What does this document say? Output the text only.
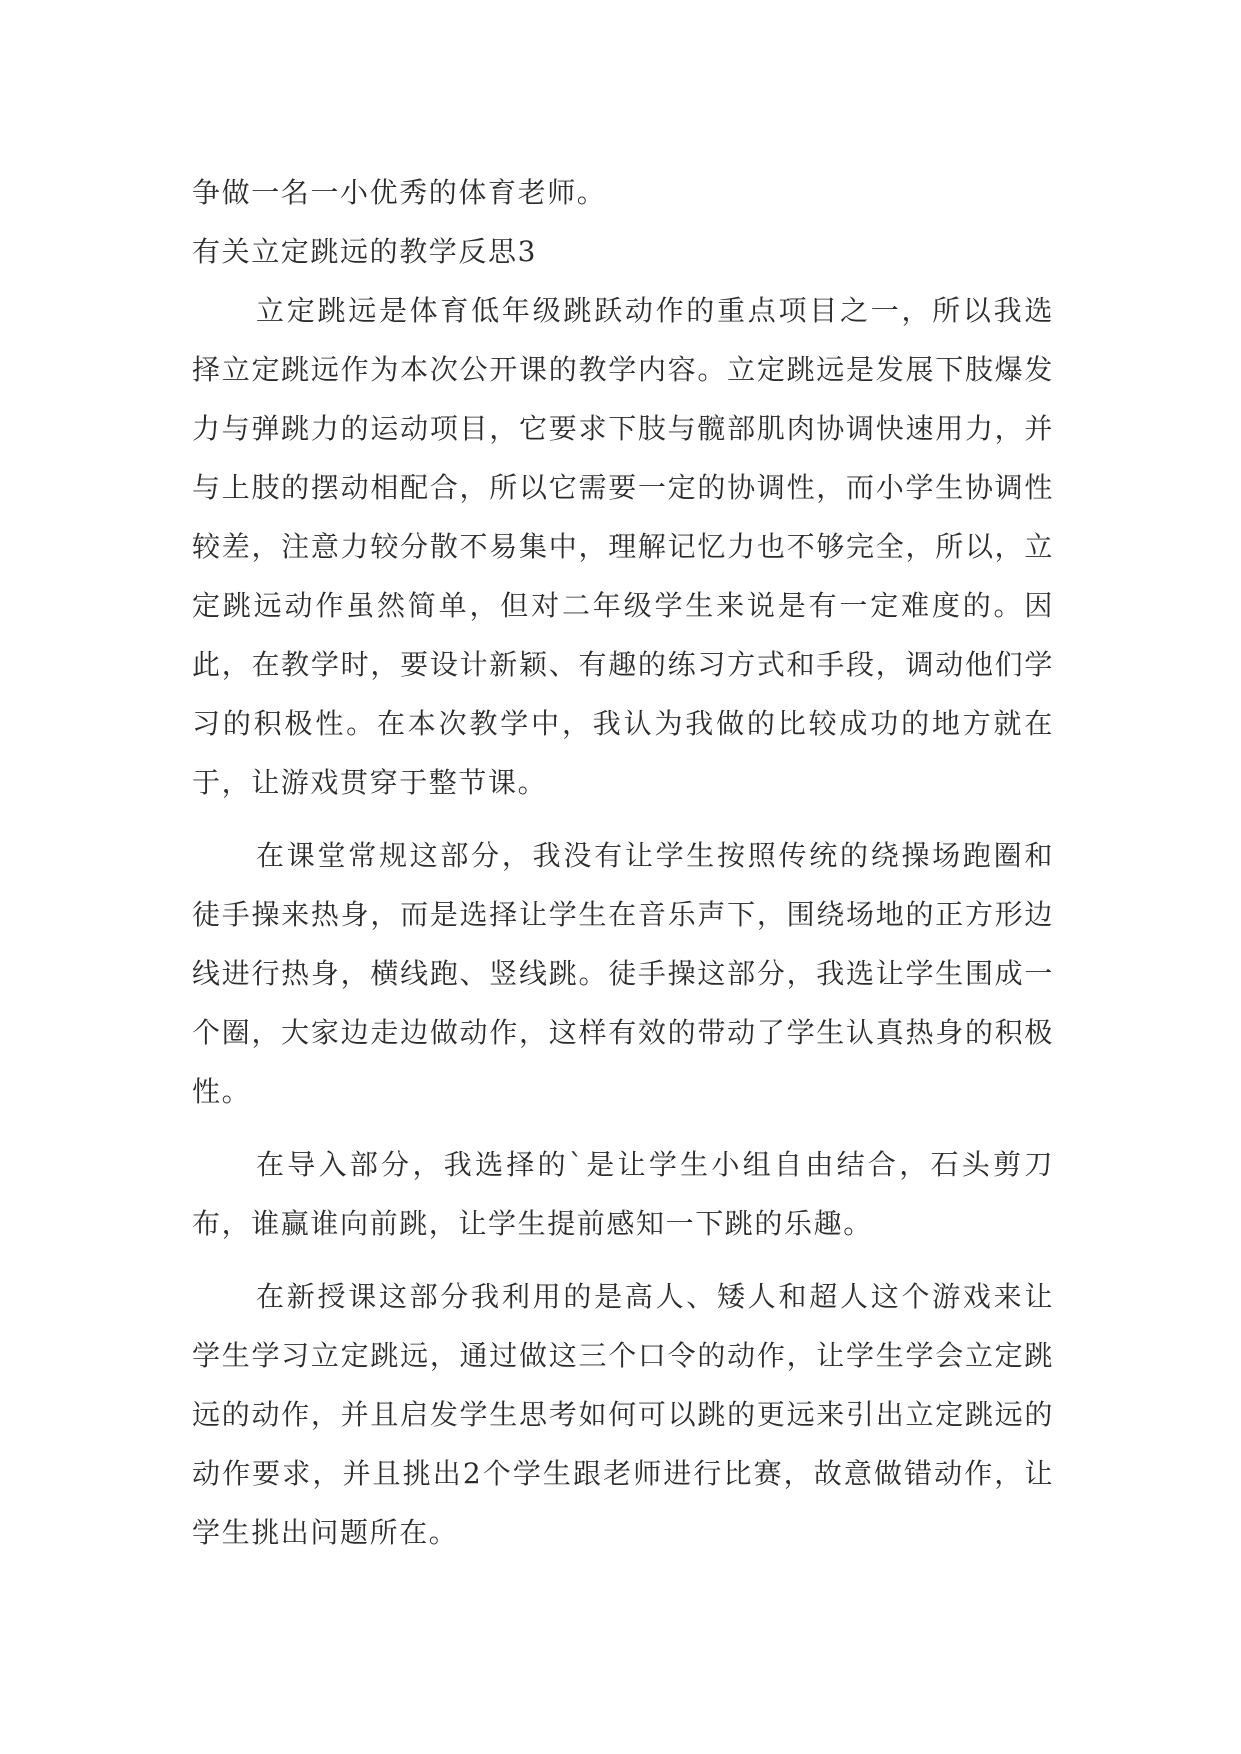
争做一名一小优秀的体育老师。

有关立定跳远的教学反思3

立定跳远是体育低年级跳跃动作的重点项目之一，所以我选择立定跳远作为本次公开课的教学内容。立定跳远是发展下肢爆发力与弹跳力的运动项目，它要求下肢与髋部肌肉协调快速用力，并与上肢的摆动相配合，所以它需要一定的协调性，而小学生协调性较差，注意力较分散不易集中，理解记忆力也不够完全，所以，立定跳远动作虽然简单，但对二年级学生来说是有一定难度的。因此，在教学时，要设计新颖、有趣的练习方式和手段，调动他们学习的积极性。在本次教学中，我认为我做的比较成功的地方就在于，让游戏贯穿于整节课。

在课堂常规这部分，我没有让学生按照传统的绕操场跑圈和徒手操来热身，而是选择让学生在音乐声下，围绕场地的正方形边线进行热身，横线跑、竖线跳。徒手操这部分，我选让学生围成一个圈，大家边走边做动作，这样有效的带动了学生认真热身的积极性。

在导入部分，我选择的`是让学生小组自由结合，石头剪刀布，谁赢谁向前跳，让学生提前感知一下跳的乐趣。

在新授课这部分我利用的是高人、矮人和超人这个游戏来让学生学习立定跳远，通过做这三个口令的动作，让学生学会立定跳远的动作，并且启发学生思考如何可以跳的更远来引出立定跳远的动作要求，并且挑出2个学生跟老师进行比赛，故意做错动作，让学生挑出问题所在。
